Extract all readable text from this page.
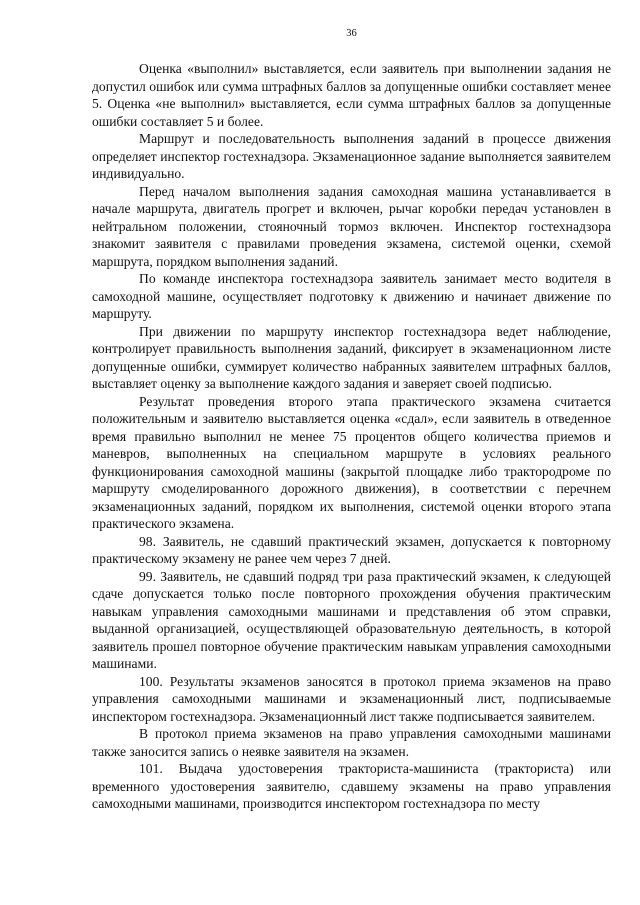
36

Оценка «выполнил» выставляется, если заявитель при выполнении задания не допустил ошибок или сумма штрафных баллов за допущенные ошибки составляет менее 5. Оценка «не выполнил» выставляется, если сумма штрафных баллов за допущенные ошибки составляет 5 и более.

Маршрут и последовательность выполнения заданий в процессе движения определяет инспектор гостехнадзора. Экзаменационное задание выполняется заявителем индивидуально.

Перед началом выполнения задания самоходная машина устанавливается в начале маршрута, двигатель прогрет и включен, рычаг коробки передач установлен в нейтральном положении, стояночный тормоз включен. Инспектор гостехнадзора знакомит заявителя с правилами проведения экзамена, системой оценки, схемой маршрута, порядком выполнения заданий.

По команде инспектора гостехнадзора заявитель занимает место водителя в самоходной машине, осуществляет подготовку к движению и начинает движение по маршруту.

При движении по маршруту инспектор гостехнадзора ведет наблюдение, контролирует правильность выполнения заданий, фиксирует в экзаменационном листе допущенные ошибки, суммирует количество набранных заявителем штрафных баллов, выставляет оценку за выполнение каждого задания и заверяет своей подписью.

Результат проведения второго этапа практического экзамена считается положительным и заявителю выставляется оценка «сдал», если заявитель в отведенное время правильно выполнил не менее 75 процентов общего количества приемов и маневров, выполненных на специальном маршруте в условиях реального функционирования самоходной машины (закрытой площадке либо трактородроме по маршруту смоделированного дорожного движения), в соответствии с перечнем экзаменационных заданий, порядком их выполнения, системой оценки второго этапа практического экзамена.

98. Заявитель, не сдавший практический экзамен, допускается к повторному практическому экзамену не ранее чем через 7 дней.

99. Заявитель, не сдавший подряд три раза практический экзамен, к следующей сдаче допускается только после повторного прохождения обучения практическим навыкам управления самоходными машинами и представления об этом справки, выданной организацией, осуществляющей образовательную деятельность, в которой заявитель прошел повторное обучение практическим навыкам управления самоходными машинами.

100. Результаты экзаменов заносятся в протокол приема экзаменов на право управления самоходными машинами и экзаменационный лист, подписываемые инспектором гостехнадзора. Экзаменационный лист также подписывается заявителем.

В протокол приема экзаменов на право управления самоходными машинами также заносится запись о неявке заявителя на экзамен.

101. Выдача удостоверения тракториста-машиниста (тракториста) или временного удостоверения заявителю, сдавшему экзамены на право управления самоходными машинами, производится инспектором гостехнадзора по месту
